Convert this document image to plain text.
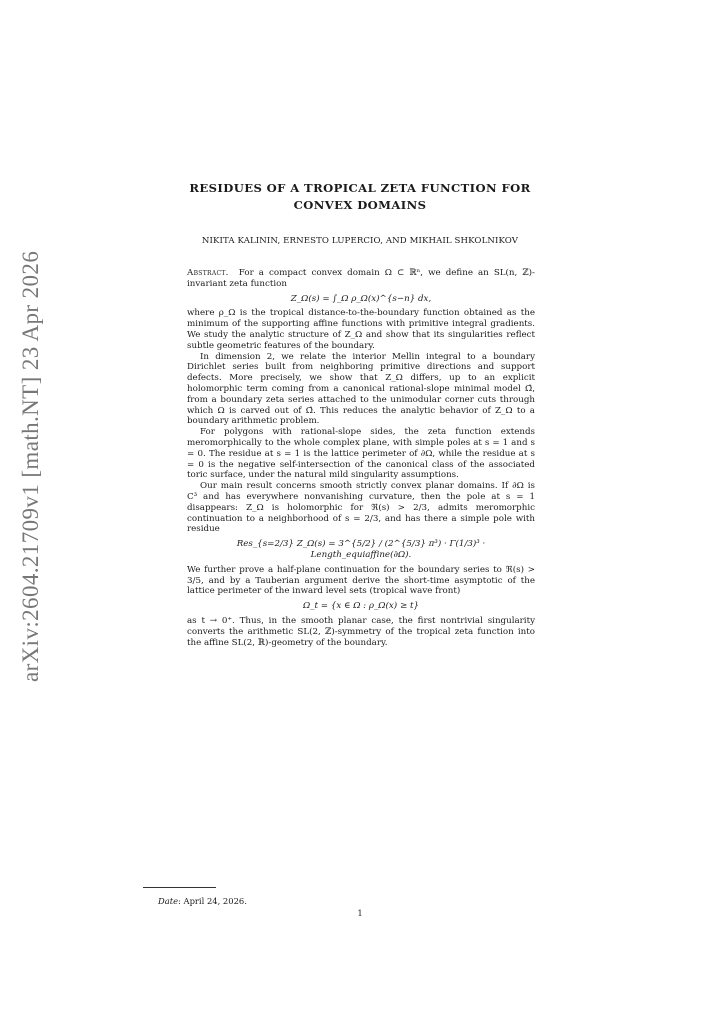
arXiv:2604.21709v1 [math.NT] 23 Apr 2026
RESIDUES OF A TROPICAL ZETA FUNCTION FOR
CONVEX DOMAINS
NIKITA KALININ, ERNESTO LUPERCIO, AND MIKHAIL SHKOLNIKOV

Abstract. For a compact convex domain Ω ⊂ ℝⁿ, we define an SL(n, ℤ)-invariant zeta function

Z_Ω(s) = ∫_Ω ρ_Ω(x)^{s−n} dx,

where ρ_Ω is the tropical distance-to-the-boundary function obtained as the minimum of the supporting affine functions with primitive integral gradients. We study the analytic structure of Z_Ω and show that its singularities reflect subtle geometric features of the boundary.

In dimension 2, we relate the interior Mellin integral to a boundary Dirichlet series built from neighboring primitive directions and support defects. More precisely, we show that Z_Ω differs, up to an explicit holomorphic term coming from a canonical rational-slope minimal model Ω̂, from a boundary zeta series attached to the unimodular corner cuts through which Ω is carved out of Ω̂. This reduces the analytic behavior of Z_Ω to a boundary arithmetic problem.

For polygons with rational-slope sides, the zeta function extends meromorphically to the whole complex plane, with simple poles at s = 1 and s = 0. The residue at s = 1 is the lattice perimeter of ∂Ω, while the residue at s = 0 is the negative self-intersection of the canonical class of the associated toric surface, under the natural mild singularity assumptions.

Our main result concerns smooth strictly convex planar domains. If ∂Ω is C³ and has everywhere nonvanishing curvature, then the pole at s = 1 disappears: Z_Ω is holomorphic for ℜ(s) > 2/3, admits meromorphic continuation to a neighborhood of s = 2/3, and has there a simple pole with residue

Res_{s=2/3} Z_Ω(s) = 3^{5/2} / (2^{5/3} π³) · Γ(1/3)³ · Length_equiaffine(∂Ω).

We further prove a half-plane continuation for the boundary series to ℜ(s) > 3/5, and by a Tauberian argument derive the short-time asymptotic of the lattice perimeter of the inward level sets (tropical wave front)

Ω_t = {x ∈ Ω : ρ_Ω(x) ≥ t}

as t → 0⁺. Thus, in the smooth planar case, the first nontrivial singularity converts the arithmetic SL(2, ℤ)-symmetry of the tropical zeta function into the affine SL(2, ℝ)-geometry of the boundary.

Date: April 24, 2026.
1
